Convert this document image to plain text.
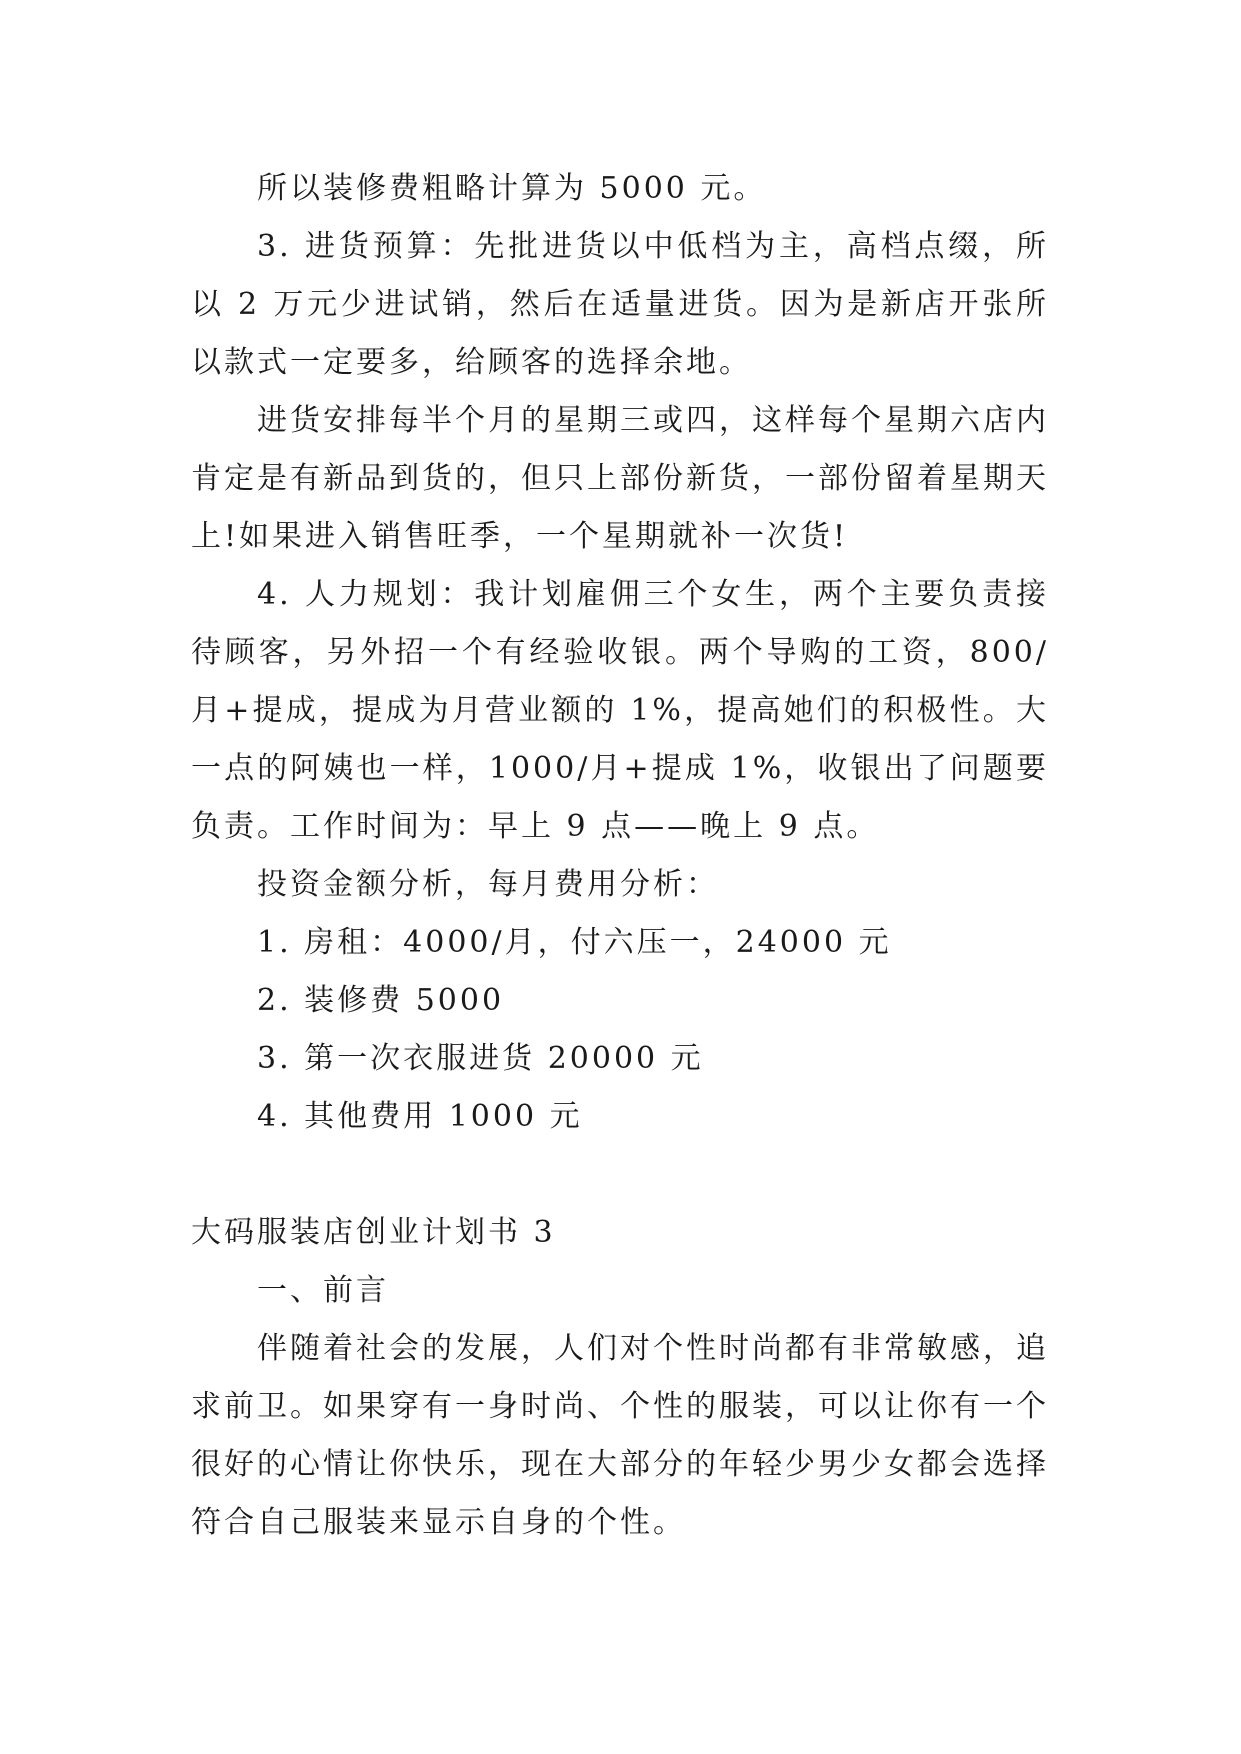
所以装修费粗略计算为 5000 元。

3. 进货预算：先批进货以中低档为主，高档点缀，所以 2 万元少进试销，然后在适量进货。因为是新店开张所以款式一定要多，给顾客的选择余地。

进货安排每半个月的星期三或四，这样每个星期六店内肯定是有新品到货的，但只上部份新货，一部份留着星期天上!如果进入销售旺季，一个星期就补一次货!

4. 人力规划：我计划雇佣三个女生，两个主要负责接待顾客，另外招一个有经验收银。两个导购的工资，800/月+提成，提成为月营业额的 1%，提高她们的积极性。大一点的阿姨也一样，1000/月+提成 1%，收银出了问题要负责。工作时间为：早上 9 点——晚上 9 点。

投资金额分析，每月费用分析：

1. 房租：4000/月，付六压一，24000 元

2. 装修费 5000

3. 第一次衣服进货 20000 元

4. 其他费用 1000 元

大码服装店创业计划书 3

一、前言

伴随着社会的发展，人们对个性时尚都有非常敏感，追求前卫。如果穿有一身时尚、个性的服装，可以让你有一个很好的心情让你快乐，现在大部分的年轻少男少女都会选择符合自己服装来显示自身的个性。
